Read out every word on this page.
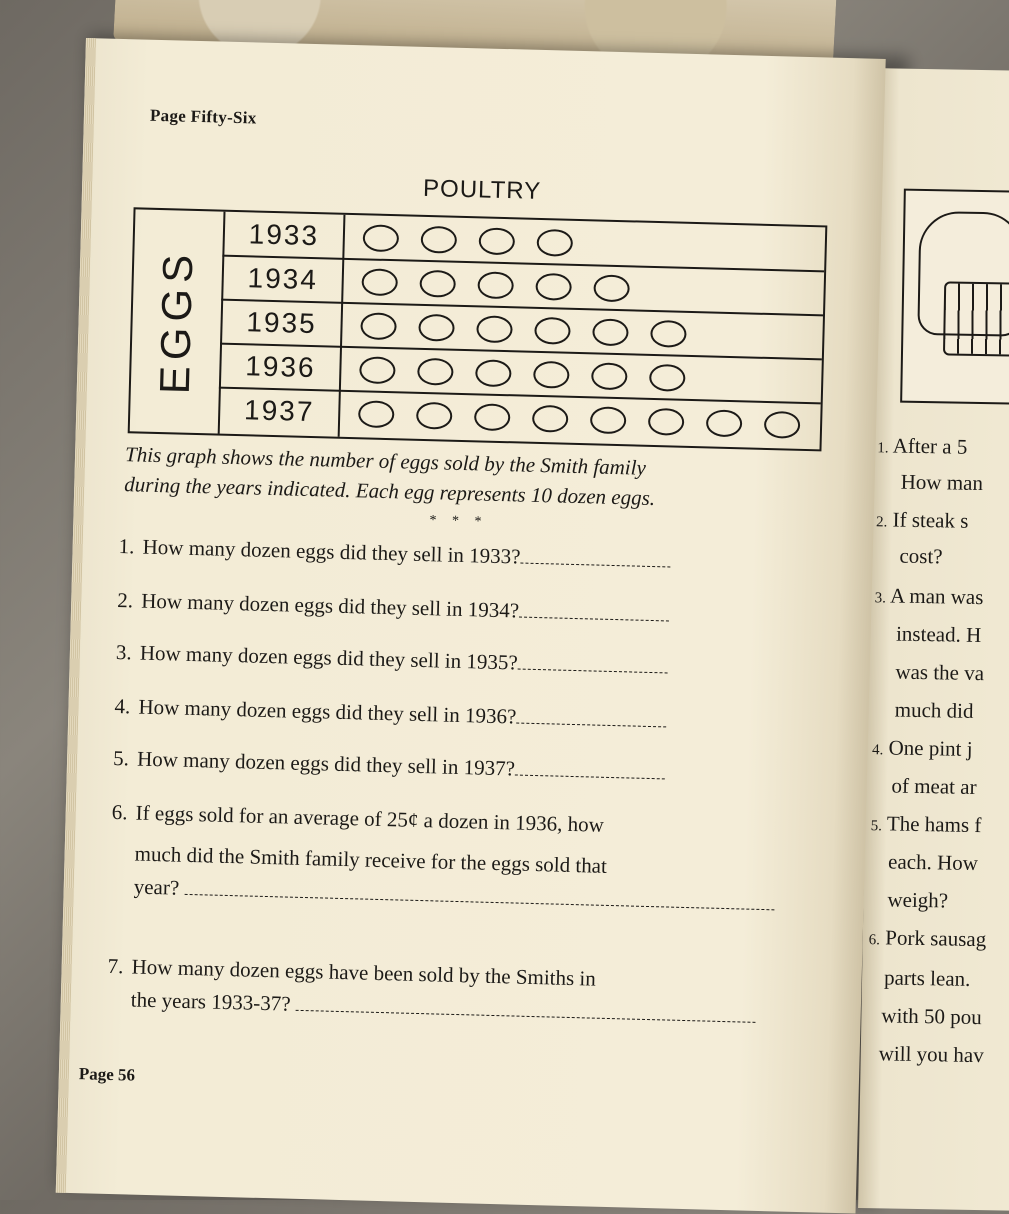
1. After a 5
How man
2. If steak s
cost?
3. A man was
instead. H
was the va
much did
4. One pint j
of meat ar
5. The hams f
each. How
weigh?
6. Pork sausag
parts lean.
with 50 pou
will you hav
Page Fifty-Six
POULTRY
EGGS
1933
1934
1935
1936
1937
This graph shows the number of eggs sold by the Smith family
during the years indicated. Each egg represents 10 dozen eggs.
* * *
1. How many dozen eggs did they sell in 1933?
2. How many dozen eggs did they sell in 1934?
3. How many dozen eggs did they sell in 1935?
4. How many dozen eggs did they sell in 1936?
5. How many dozen eggs did they sell in 1937?
6. If eggs sold for an average of 25¢ a dozen in 1936, how
much did the Smith family receive for the eggs sold that
year?
7. How many dozen eggs have been sold by the Smiths in
the years 1933-37?
Page 56
